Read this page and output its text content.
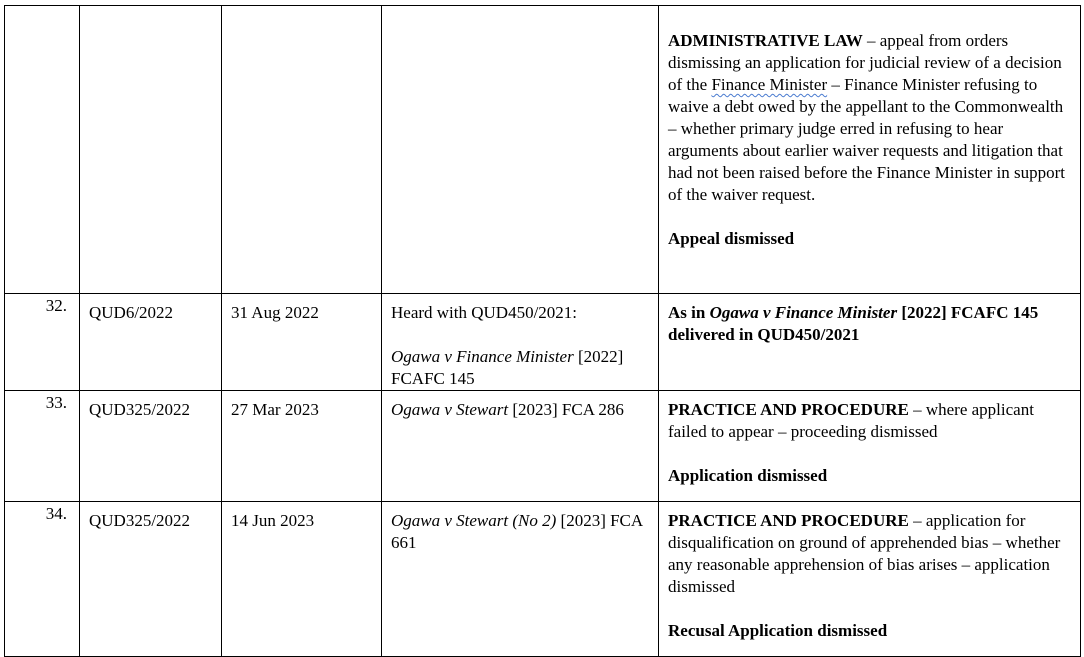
				ADMINISTRATIVE LAW – appeal from orders dismissing an application for judicial review of a decision of the Finance Minister – Finance Minister refusing to waive a debt owed by the appellant to the Commonwealth – whether primary judge erred in refusing to hear arguments about earlier waiver requests and litigation that had not been raised before the Finance Minister in support of the waiver request.
Appeal dismissed
32.	QUD6/2022	31 Aug 2022	Heard with QUD450/2021:
Ogawa v Finance Minister [2022] FCAFC 145	As in Ogawa v Finance Minister [2022] FCAFC 145 delivered in QUD450/2021
33.	QUD325/2022	27 Mar 2023	Ogawa v Stewart [2023] FCA 286	PRACTICE AND PROCEDURE – where applicant failed to appear – proceeding dismissed
Application dismissed
34.	QUD325/2022	14 Jun 2023	Ogawa v Stewart (No 2) [2023] FCA 661	PRACTICE AND PROCEDURE – application for disqualification on ground of apprehended bias – whether any reasonable apprehension of bias arises – application dismissed
Recusal Application dismissed
